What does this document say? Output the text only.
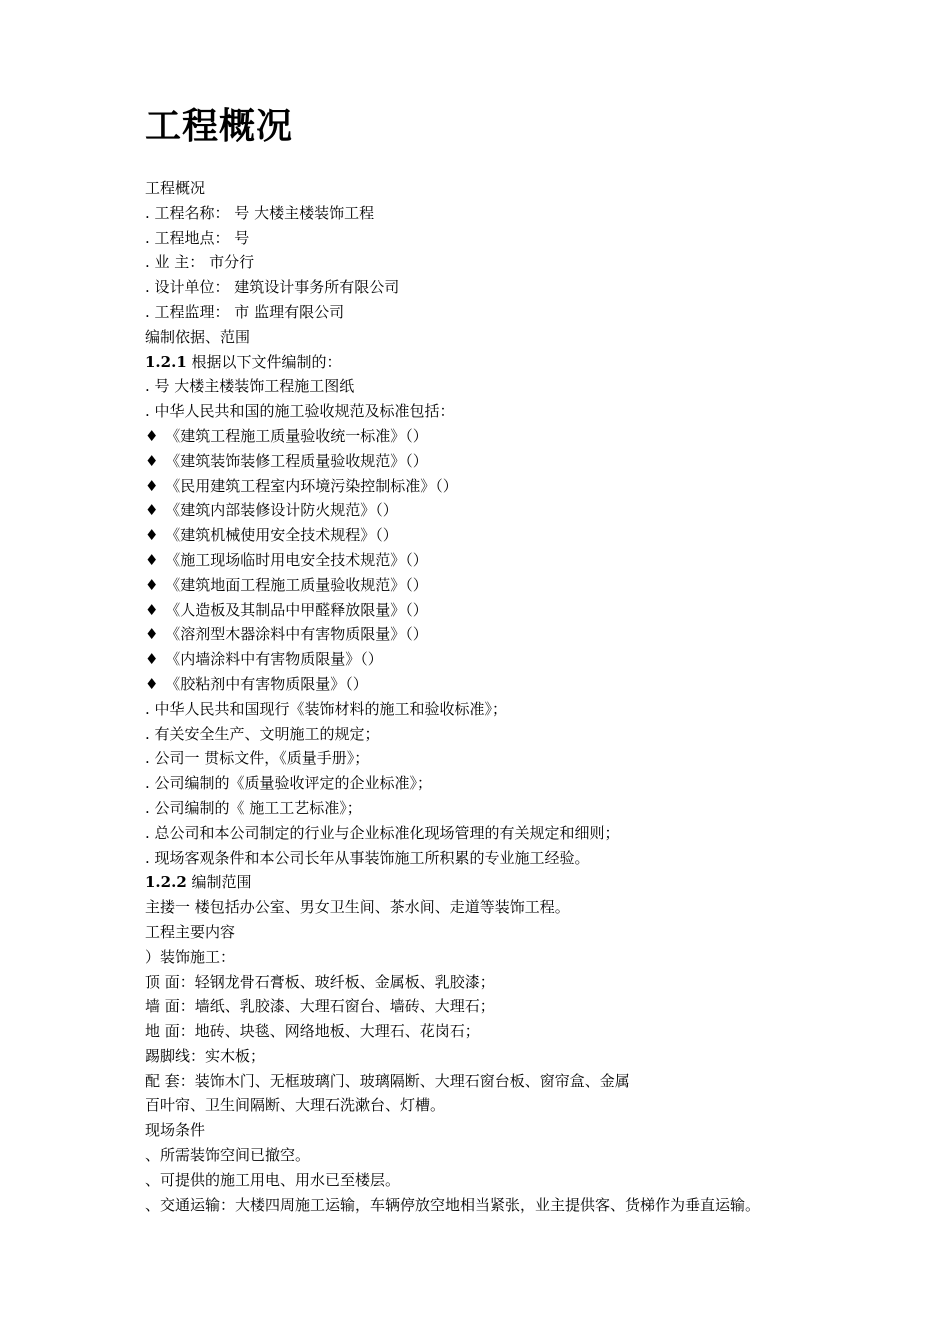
工程概况
工程概况
. 工程名称： 号 大楼主楼装饰工程
. 工程地点： 号
. 业 主： 市分行
. 设计单位： 建筑设计事务所有限公司
. 工程监理： 市 监理有限公司
编制依据、范围
1.2.1 根据以下文件编制的：
. 号 大楼主楼装饰工程施工图纸
. 中华人民共和国的施工验收规范及标准包括：
♦ 《建筑工程施工质量验收统一标准》（）
♦ 《建筑装饰装修工程质量验收规范》（）
♦ 《民用建筑工程室内环境污染控制标准》（）
♦ 《建筑内部装修设计防火规范》（）
♦ 《建筑机械使用安全技术规程》（）
♦ 《施工现场临时用电安全技术规范》（）
♦ 《建筑地面工程施工质量验收规范》（）
♦ 《人造板及其制品中甲醛释放限量》（）
♦ 《溶剂型木器涂料中有害物质限量》（）
♦ 《内墙涂料中有害物质限量》（）
♦ 《胶粘剂中有害物质限量》（）
. 中华人民共和国现行《装饰材料的施工和验收标准》；
. 有关安全生产、文明施工的规定；
. 公司一 贯标文件，《质量手册》；
. 公司编制的《质量验收评定的企业标准》；
. 公司编制的《 施工工艺标准》；
. 总公司和本公司制定的行业与企业标准化现场管理的有关规定和细则；
. 现场客观条件和本公司长年从事装饰施工所积累的专业施工经验。
1.2.2 编制范围
主搂一 楼包括办公室、男女卫生间、茶水间、走道等装饰工程。
工程主要内容
）装饰施工：
顶 面：轻钢龙骨石膏板、玻纤板、金属板、乳胶漆；
墙 面：墙纸、乳胶漆、大理石窗台、墙砖、大理石；
地 面：地砖、块毯、网络地板、大理石、花岗石；
踢脚线：实木板；
配 套：装饰木门、无框玻璃门、玻璃隔断、大理石窗台板、窗帘盒、金属
百叶帘、卫生间隔断、大理石洗漱台、灯槽。
现场条件
、所需装饰空间已撤空。
、可提供的施工用电、用水已至楼层。
、交通运输：大楼四周施工运输，车辆停放空地相当紧张，业主提供客、货梯作为垂直运输。
